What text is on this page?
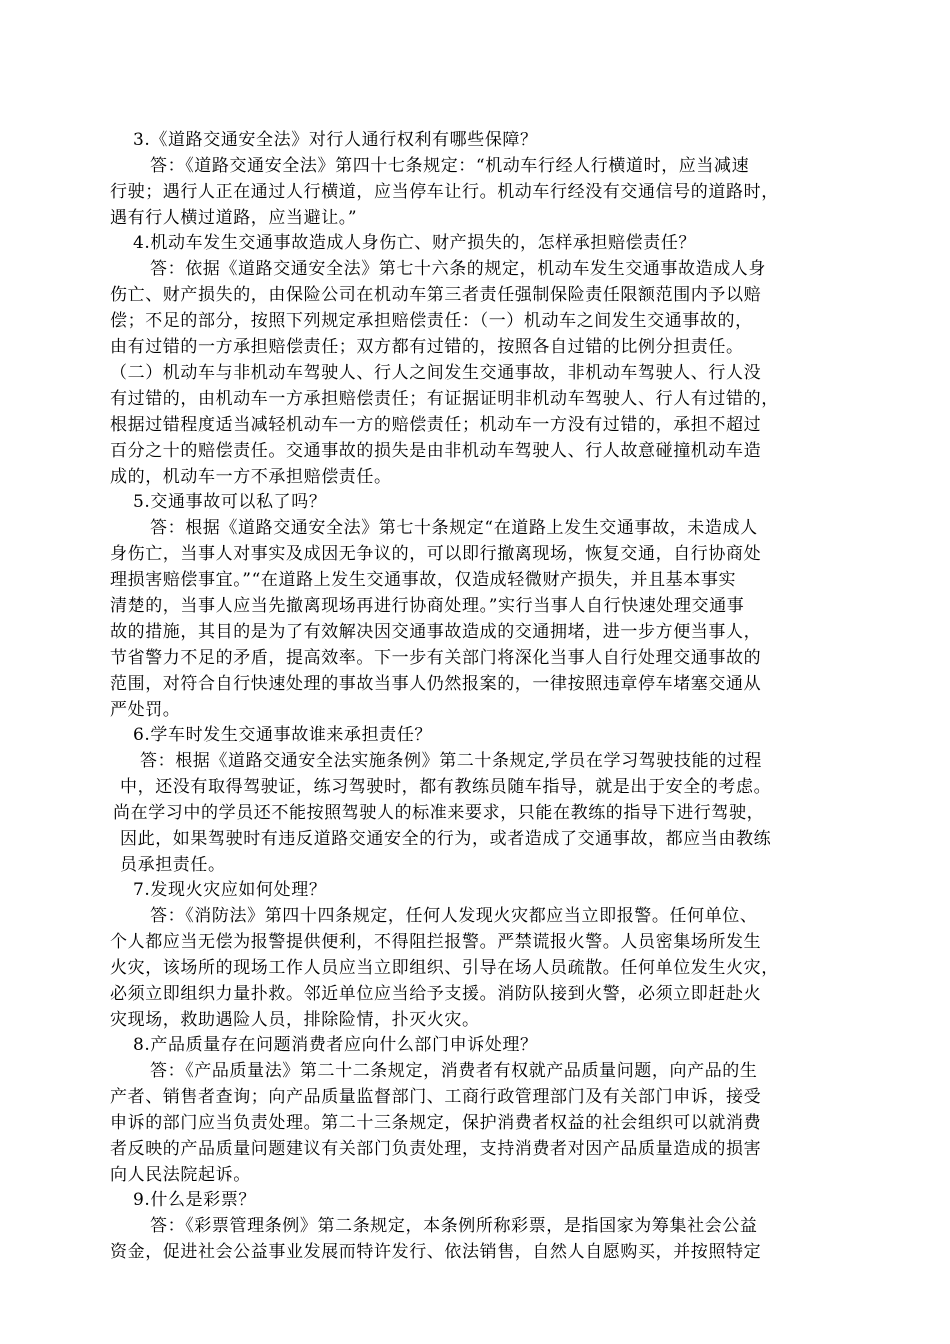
3.《道路交通安全法》对行人通行权利有哪些保障？
答：《道路交通安全法》第四十七条规定：“机动车行经人行横道时，应当减速
行驶；遇行人正在通过人行横道，应当停车让行。机动车行经没有交通信号的道路时，
遇有行人横过道路，应当避让。”
4.机动车发生交通事故造成人身伤亡、财产损失的，怎样承担赔偿责任？
答：依据《道路交通安全法》第七十六条的规定，机动车发生交通事故造成人身
伤亡、财产损失的，由保险公司在机动车第三者责任强制保险责任限额范围内予以赔
偿；不足的部分，按照下列规定承担赔偿责任：（一）机动车之间发生交通事故的，
由有过错的一方承担赔偿责任；双方都有过错的，按照各自过错的比例分担责任。
（二）机动车与非机动车驾驶人、行人之间发生交通事故，非机动车驾驶人、行人没
有过错的，由机动车一方承担赔偿责任；有证据证明非机动车驾驶人、行人有过错的，
根据过错程度适当减轻机动车一方的赔偿责任；机动车一方没有过错的，承担不超过
百分之十的赔偿责任。交通事故的损失是由非机动车驾驶人、行人故意碰撞机动车造
成的，机动车一方不承担赔偿责任。
5.交通事故可以私了吗？
答：根据《道路交通安全法》第七十条规定“在道路上发生交通事故，未造成人
身伤亡，当事人对事实及成因无争议的，可以即行撤离现场，恢复交通，自行协商处
理损害赔偿事宜。”“在道路上发生交通事故，仅造成轻微财产损失，并且基本事实
清楚的，当事人应当先撤离现场再进行协商处理。”实行当事人自行快速处理交通事
故的措施，其目的是为了有效解决因交通事故造成的交通拥堵，进一步方便当事人，
节省警力不足的矛盾，提高效率。下一步有关部门将深化当事人自行处理交通事故的
范围，对符合自行快速处理的事故当事人仍然报案的，一律按照违章停车堵塞交通从
严处罚。
6.学车时发生交通事故谁来承担责任？
答：根据《道路交通安全法实施条例》第二十条规定,学员在学习驾驶技能的过程
中，还没有取得驾驶证，练习驾驶时，都有教练员随车指导，就是出于安全的考虑。
尚在学习中的学员还不能按照驾驶人的标准来要求，只能在教练的指导下进行驾驶，
因此，如果驾驶时有违反道路交通安全的行为，或者造成了交通事故，都应当由教练
员承担责任。
7.发现火灾应如何处理？
答：《消防法》第四十四条规定，任何人发现火灾都应当立即报警。任何单位、
个人都应当无偿为报警提供便利，不得阻拦报警。严禁谎报火警。人员密集场所发生
火灾，该场所的现场工作人员应当立即组织、引导在场人员疏散。任何单位发生火灾，
必须立即组织力量扑救。邻近单位应当给予支援。消防队接到火警，必须立即赶赴火
灾现场，救助遇险人员，排除险情，扑灭火灾。
8.产品质量存在问题消费者应向什么部门申诉处理？
答：《产品质量法》第二十二条规定，消费者有权就产品质量问题，向产品的生
产者、销售者查询；向产品质量监督部门、工商行政管理部门及有关部门申诉，接受
申诉的部门应当负责处理。第二十三条规定，保护消费者权益的社会组织可以就消费
者反映的产品质量问题建议有关部门负责处理，支持消费者对因产品质量造成的损害
向人民法院起诉。
9.什么是彩票？
答：《彩票管理条例》第二条规定，本条例所称彩票，是指国家为筹集社会公益
资金，促进社会公益事业发展而特许发行、依法销售，自然人自愿购买，并按照特定
